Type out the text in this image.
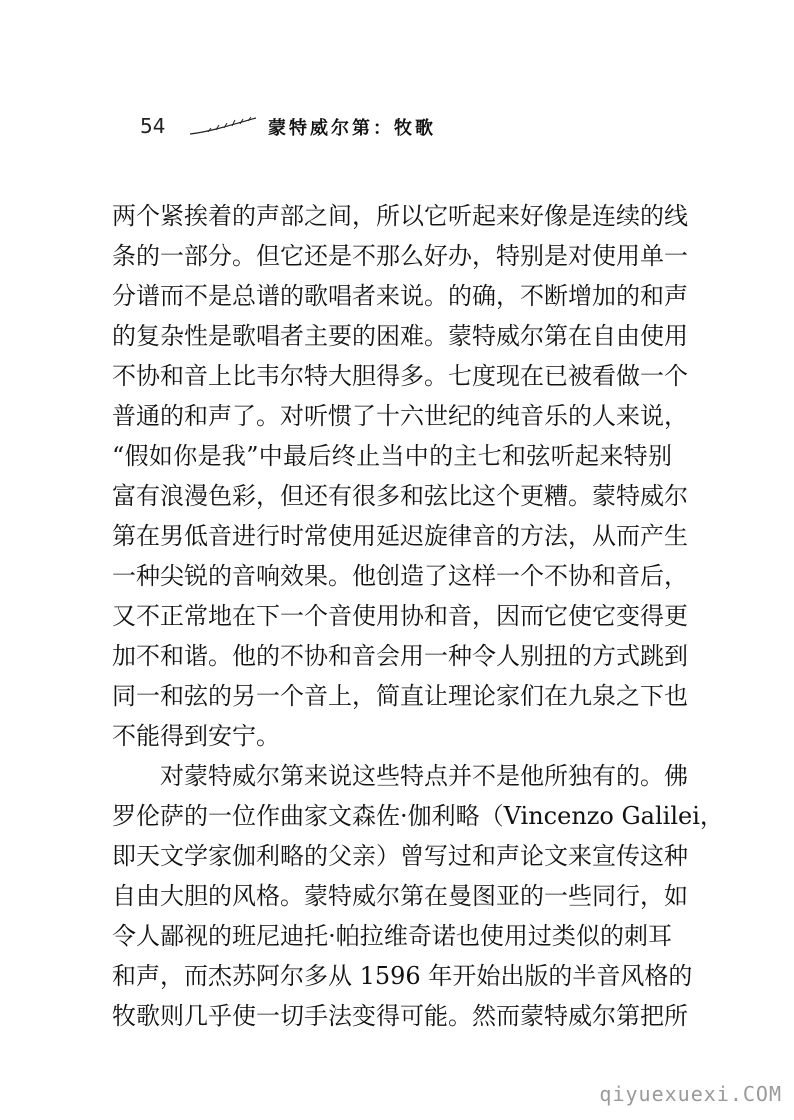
54	蒙特威尔第：牧歌
两个紧挨着的声部之间，所以它听起来好像是连续的线
条的一部分。但它还是不那么好办，特别是对使用单一
分谱而不是总谱的歌唱者来说。的确，不断增加的和声
的复杂性是歌唱者主要的困难。蒙特威尔第在自由使用
不协和音上比韦尔特大胆得多。七度现在已被看做一个
普通的和声了。对听惯了十六世纪的纯音乐的人来说，
“假如你是我”中最后终止当中的主七和弦听起来特别
富有浪漫色彩，但还有很多和弦比这个更糟。蒙特威尔
第在男低音进行时常使用延迟旋律音的方法，从而产生
一种尖锐的音响效果。他创造了这样一个不协和音后，
又不正常地在下一个音使用协和音，因而它使它变得更
加不和谐。他的不协和音会用一种令人别扭的方式跳到
同一和弦的另一个音上，简直让理论家们在九泉之下也
不能得到安宁。
对蒙特威尔第来说这些特点并不是他所独有的。佛
罗伦萨的一位作曲家文森佐·伽利略（Vincenzo Galilei，
即天文学家伽利略的父亲）曾写过和声论文来宣传这种
自由大胆的风格。蒙特威尔第在曼图亚的一些同行，如
令人鄙视的班尼迪托·帕拉维奇诺也使用过类似的刺耳
和声，而杰苏阿尔多从 1596 年开始出版的半音风格的
牧歌则几乎使一切手法变得可能。然而蒙特威尔第把所
qiyuexuexi.COM
